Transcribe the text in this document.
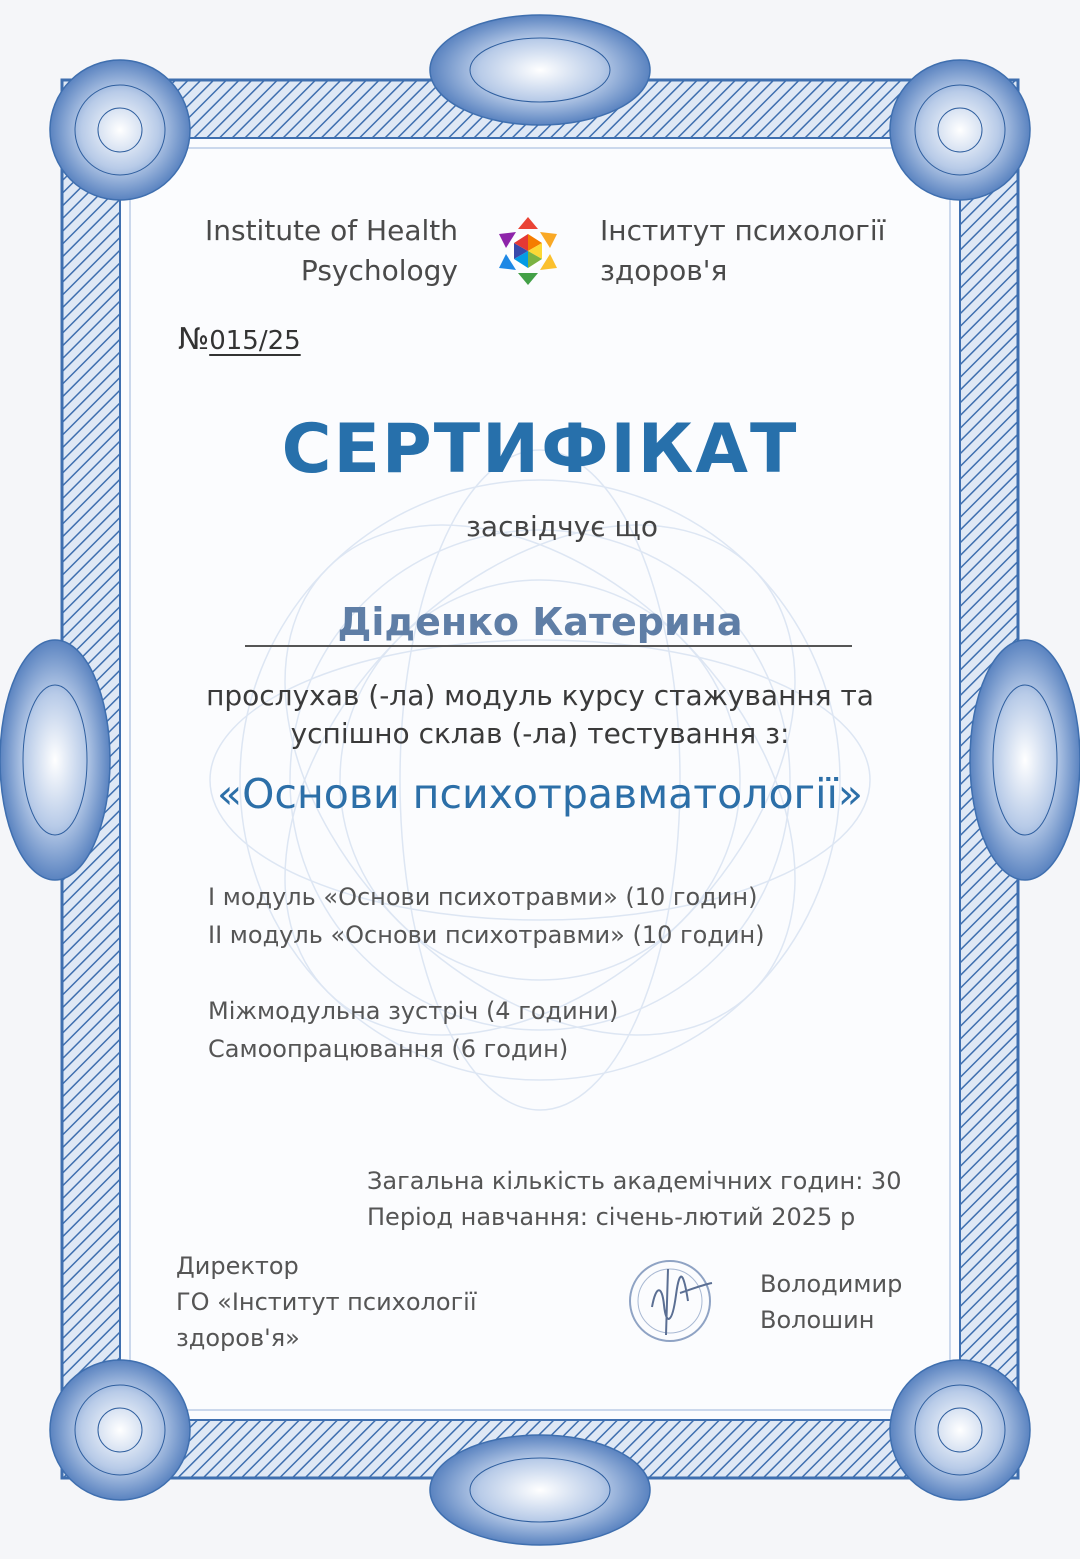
Institute of Health
Psychology
Інститут психології
здоров'я
№015/25
СЕРТИФІКАТ
засвідчує що
Діденко Катерина
прослухав (-ла) модуль курсу стажування та
успішно склав (-ла) тестування з:
«Основи психотравматології»
І модуль «Основи психотравми» (10 годин)
ІІ модуль «Основи психотравми» (10 годин)
Міжмодульна зустріч (4 години)
Самоопрацювання (6 годин)
Загальна кількість академічних годин: 30
Період навчання: січень-лютий 2025 р
Директор
ГО «Інститут психології
здоров'я»
Володимир
Волошин
